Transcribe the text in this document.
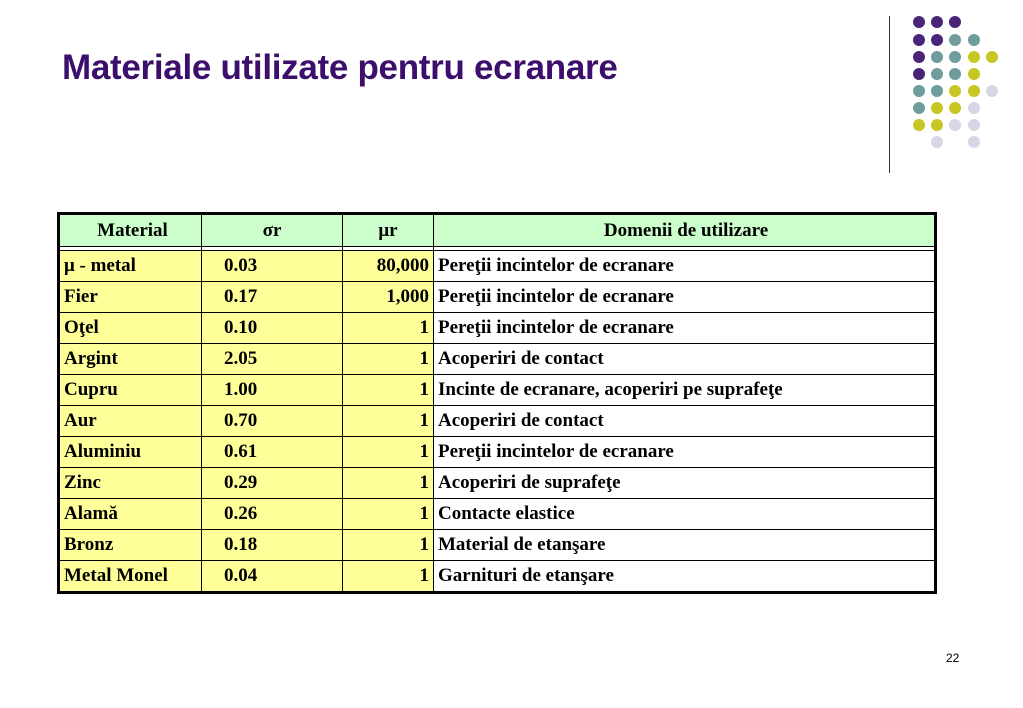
Materiale utilizate pentru ecranare
Material	σr	μr	Domenii de utilizare

μ - metal	0.03	80,000	Pereţii incintelor de ecranare
Fier	0.17	1,000	Pereţii incintelor de ecranare
Oţel	0.10	1	Pereţii incintelor de ecranare
Argint	2.05	1	Acoperiri de contact
Cupru	1.00	1	Incinte de ecranare, acoperiri pe suprafeţe
Aur	0.70	1	Acoperiri de contact
Aluminiu	0.61	1	Pereţii incintelor de ecranare
Zinc	0.29	1	Acoperiri de suprafeţe
Alamă	0.26	1	Contacte elastice
Bronz	0.18	1	Material de etanşare
Metal Monel	0.04	1	Garnituri de etanşare
22
